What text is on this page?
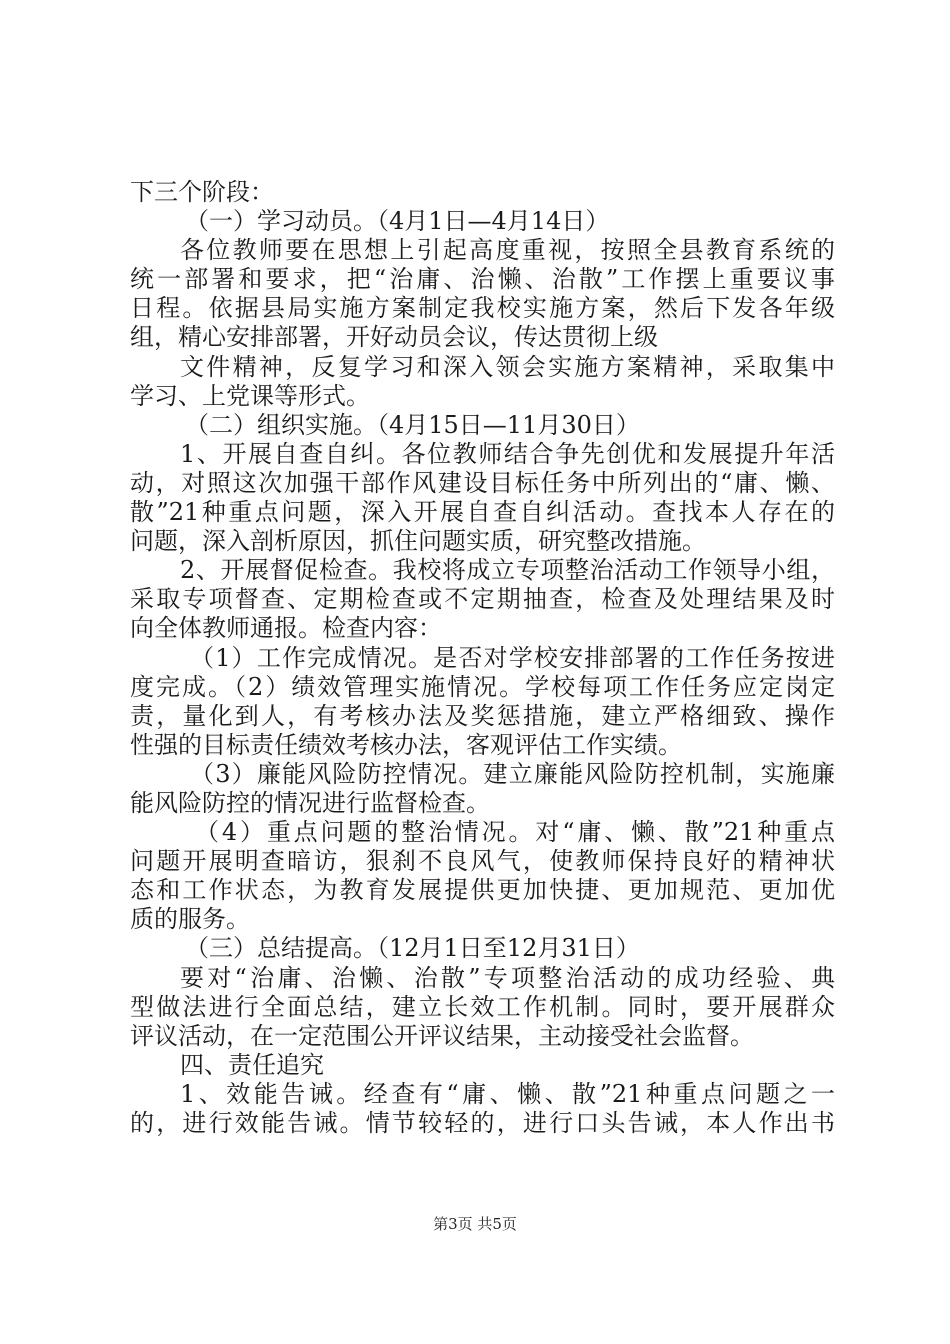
下三个阶段：
（一）学习动员。（4月1日—4月14日）
各位教师要在思想上引起高度重视，按照全县教育系统的
统一部署和要求，把“治庸、治懒、治散”工作摆上重要议事
日程。依据县局实施方案制定我校实施方案，然后下发各年级
组，精心安排部署，开好动员会议，传达贯彻上级
文件精神，反复学习和深入领会实施方案精神，采取集中
学习、上党课等形式。
（二）组织实施。（4月15日—11月30日）
1、开展自查自纠。各位教师结合争先创优和发展提升年活
动，对照这次加强干部作风建设目标任务中所列出的“庸、懒、
散”21种重点问题，深入开展自查自纠活动。查找本人存在的
问题，深入剖析原因，抓住问题实质，研究整改措施。
2、开展督促检查。我校将成立专项整治活动工作领导小组，
采取专项督查、定期检查或不定期抽查，检查及处理结果及时
向全体教师通报。检查内容：
（1）工作完成情况。是否对学校安排部署的工作任务按进
度完成。（2）绩效管理实施情况。学校每项工作任务应定岗定
责，量化到人，有考核办法及奖惩措施，建立严格细致、操作
性强的目标责任绩效考核办法，客观评估工作实绩。
（3）廉能风险防控情况。建立廉能风险防控机制，实施廉
能风险防控的情况进行监督检查。
（4）重点问题的整治情况。对“庸、懒、散”21种重点
问题开展明查暗访，狠刹不良风气，使教师保持良好的精神状
态和工作状态，为教育发展提供更加快捷、更加规范、更加优
质的服务。
（三）总结提高。（12月1日至12月31日）
要对“治庸、治懒、治散”专项整治活动的成功经验、典
型做法进行全面总结，建立长效工作机制。同时，要开展群众
评议活动，在一定范围公开评议结果，主动接受社会监督。
四、责任追究
1、效能告诫。经查有“庸、懒、散”21种重点问题之一
的，进行效能告诫。情节较轻的，进行口头告诫，本人作出书
第3页 共5页
